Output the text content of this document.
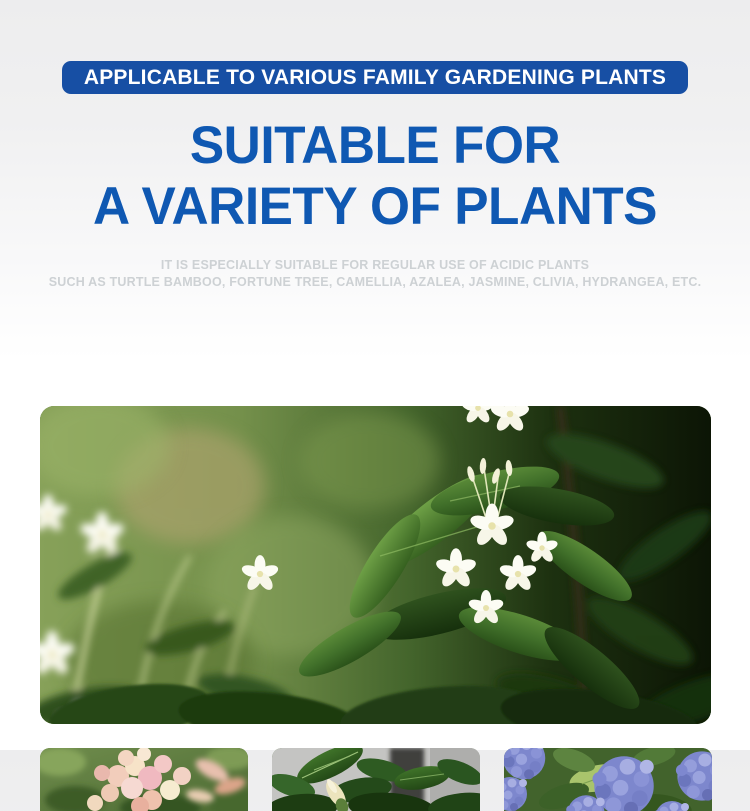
APPLICABLE TO VARIOUS FAMILY GARDENING PLANTS
SUITABLE FOR
A VARIETY OF PLANTS

IT IS ESPECIALLY SUITABLE FOR REGULAR USE OF ACIDIC PLANTS
SUCH AS TURTLE BAMBOO, FORTUNE TREE, CAMELLIA, AZALEA, JASMINE, CLIVIA, HYDRANGEA, ETC.
